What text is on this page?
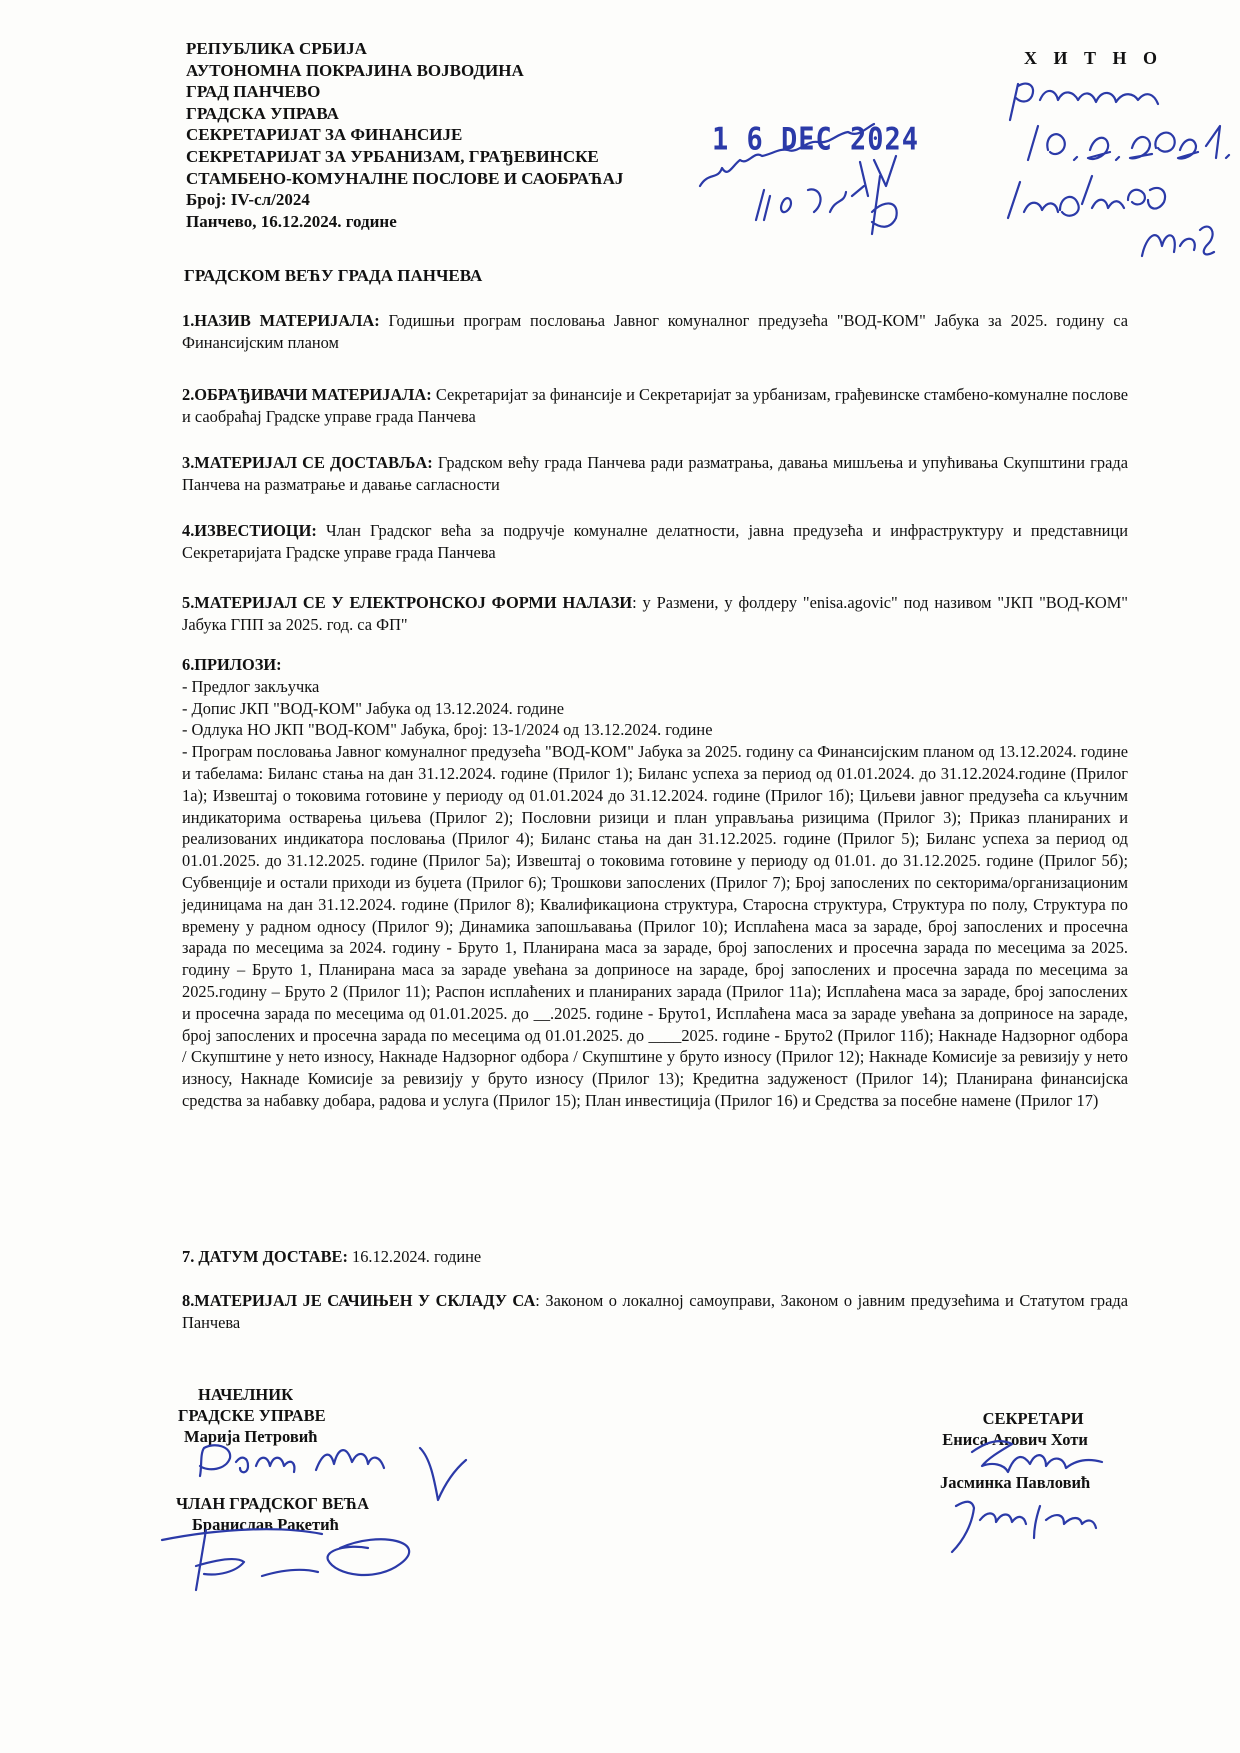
РЕПУБЛИКА СРБИЈА
АУТОНОМНА ПОКРАЈИНА ВОЈВОДИНА
ГРАД ПАНЧЕВО
ГРАДСКА УПРАВА
СЕКРЕТАРИЈАТ ЗА ФИНАНСИЈЕ
СЕКРЕТАРИЈАТ ЗА УРБАНИЗАМ, ГРАЂЕВИНСКЕ
СТАМБЕНО-КОМУНАЛНЕ ПОСЛОВЕ И САОБРАЋАЈ
Број: IV-сл/2024
Панчево, 16.12.2024. године
Х И Т Н О
1 6 DEC 2024
ГРАДСКОМ ВЕЋУ ГРАДА ПАНЧЕВА
1.НАЗИВ МАТЕРИЈАЛА: Годишњи програм пословања Јавног комуналног предузећа "ВОД-КОМ" Јабука за 2025. годину са Финансијским планом
2.ОБРАЂИВАЧИ МАТЕРИЈАЛА: Секретаријат за финансије и Секретаријат за урбанизам, грађевинске стамбено-комуналне послове и саобраћај Градске управе града Панчева
3.МАТЕРИЈАЛ СЕ ДОСТАВЉА: Градском већу града Панчева ради разматрања, давања мишљења и упућивања Скупштини града Панчева на разматрање и давање сагласности
4.ИЗВЕСТИОЦИ: Члан Градског већа за подручје комуналне делатности, јавна предузећа и инфраструктуру и представници Секретаријата Градске управе града Панчева
5.МАТЕРИЈАЛ СЕ У ЕЛЕКТРОНСКОЈ ФОРМИ НАЛАЗИ: у Размени, у фолдеру "enisa.agovic" под називом "ЈКП "ВОД-КОМ" Јабука ГПП за 2025. год. са ФП"
6.ПРИЛОЗИ:
- Предлог закључка
- Допис ЈКП "ВОД-КОМ" Јабука од 13.12.2024. године
- Одлука НО ЈКП "ВОД-КОМ" Јабука, број: 13-1/2024 од 13.12.2024. године
- Програм пословања Јавног комуналног предузећа "ВОД-КОМ" Јабука за 2025. годину са Финансијским планом од 13.12.2024. године и табелама: Биланс стања на дан 31.12.2024. године (Прилог 1); Биланс успеха за период од 01.01.2024. до 31.12.2024.године (Прилог 1а); Извештај о токовима готовине у периоду од 01.01.2024 до 31.12.2024. године (Прилог 1б); Циљеви јавног предузећа са кључним индикаторима остварења циљева (Прилог 2); Пословни ризици и план управљања ризицима (Прилог 3); Приказ планираних и реализованих индикатора пословања (Прилог 4); Биланс стања на дан 31.12.2025. године (Прилог 5); Биланс успеха за период од 01.01.2025. до 31.12.2025. године (Прилог 5а); Извештај о токовима готовине у периоду од 01.01. до 31.12.2025. године (Прилог 5б); Субвенције и остали приходи из буџета (Прилог 6); Трошкови запослених (Прилог 7); Број запослених по секторима/организационим јединицама на дан 31.12.2024. године (Прилог 8); Квалификациона структура, Старосна структура, Структура по полу, Структура по времену у радном односу (Прилог 9); Динамика запошљавања (Прилог 10); Исплаћена маса за зараде, број запослених и просечна зарада по месецима за 2024. годину - Бруто 1, Планирана маса за зараде, број запослених и просечна зарада по месецима за 2025. годину – Бруто 1, Планирана маса за зараде увећана за доприносе на зараде, број запослених и просечна зарада по месецима за 2025.годину – Бруто 2 (Прилог 11); Распон исплаћених и планираних зарада (Прилог 11а); Исплаћена маса за зараде, број запослених и просечна зарада по месецима од 01.01.2025. до __.2025. године - Бруто1, Исплаћена маса за зараде увећана за доприносе на зараде, број запослених и просечна зарада по месецима од 01.01.2025. до ____2025. године - Бруто2 (Прилог 11б); Накнаде Надзорног одбора / Скупштине у нето износу, Накнаде Надзорног одбора / Скупштине у бруто износу (Прилог 12); Накнаде Комисије за ревизију у нето износу, Накнаде Комисије за ревизију у бруто износу (Прилог 13); Кредитна задуженост (Прилог 14); Планирана финансијска средства за набавку добара, радова и услуга (Прилог 15); План инвестиција (Прилог 16) и Средства за посебне намене (Прилог 17)
7. ДАТУМ ДОСТАВЕ: 16.12.2024. године
8.МАТЕРИЈАЛ ЈЕ САЧИЊЕН У СКЛАДУ СА: Законом о локалној самоуправи, Законом о јавним предузећима и Статутом града Панчева
НАЧЕЛНИК
ГРАДСКЕ УПРАВЕ
Марија Петровић
ЧЛАН ГРАДСКОГ ВЕЋА
Бранислав Ракетић
СЕКРЕТАРИ
Eниса Агович Хоти
Јасминка Павловић
